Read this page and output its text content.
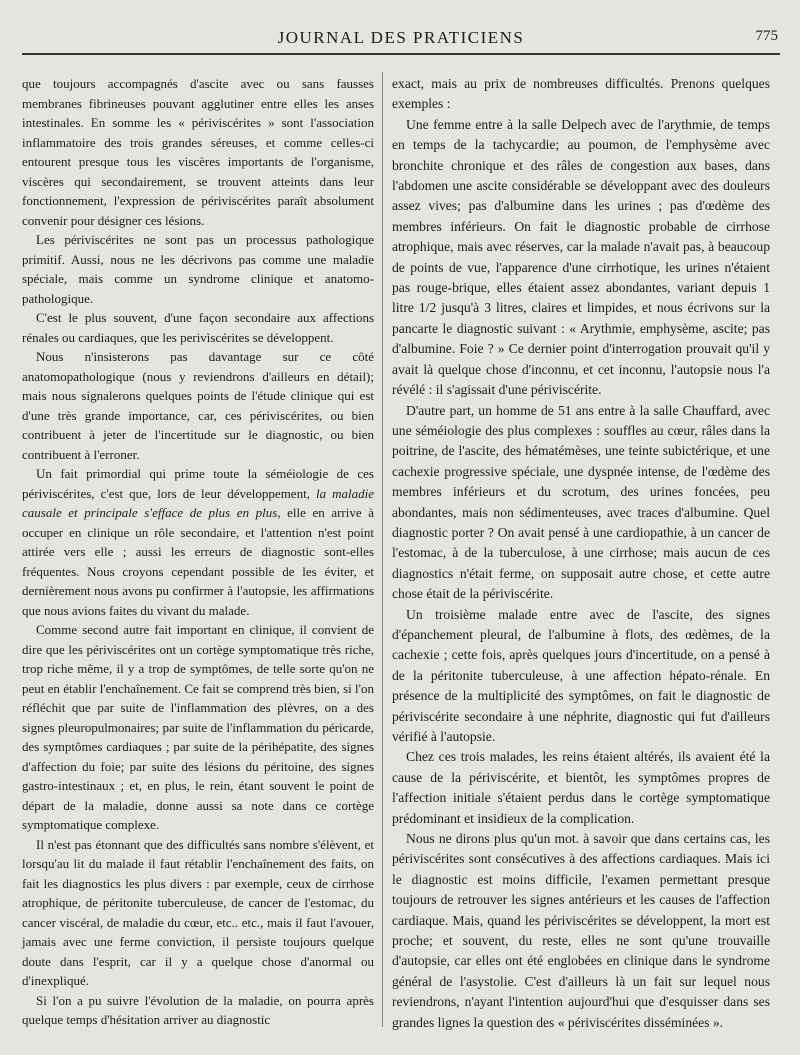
JOURNAL DES PRATICIENS	775

que toujours accompagnés d'ascite avec ou sans fausses membranes fibrineuses pouvant agglutiner entre elles les anses intestinales. En somme les « périviscérites » sont l'association inflammatoire des trois grandes séreuses, et comme celles-ci entourent presque tous les viscères importants de l'organisme, viscères qui secondairement, se trouvent atteints dans leur fonctionnement, l'expression de périviscérites paraît absolument convenir pour désigner ces lésions.

Les périviscérites ne sont pas un processus pathologique primitif. Aussi, nous ne les décrivons pas comme une maladie spéciale, mais comme un syndrome clinique et anatomo-pathologique.

C'est le plus souvent, d'une façon secondaire aux affections rénales ou cardiaques, que les perivìscérites se développent.

Nous n'insisterons pas davantage sur ce côté anatomopathologique (nous y reviendrons d'ailleurs en détail); mais nous signalerons quelques points de l'étude clinique qui est d'une très grande importance, car, ces périviscérites, ou bien contribuent à jeter de l'incertitude sur le diagnostic, ou bien contribuent à l'erroner.

Un fait primordial qui prime toute la séméiologie de ces périviscérites, c'est que, lors de leur développement, la maladie causale et principale s'efface de plus en plus, elle en arrive à occuper en clinique un rôle secondaire, et l'attention n'est point attirée vers elle ; aussi les erreurs de diagnostic sont-elles fréquentes. Nous croyons cependant possible de les éviter, et dernièrement nous avons pu confirmer à l'autopsie, les affirmations que nous avions faites du vivant du malade.

Comme second autre fait important en clinique, il convient de dire que les périviscérites ont un cortège symptomatique très riche, trop riche même, il y a trop de symptômes, de telle sorte qu'on ne peut en établir l'enchaînement. Ce fait se comprend très bien, si l'on réfléchit que par suite de l'inflammation des plèvres, on a des signes pleuropulmonaires; par suite de l'inflammation du péricarde, des symptômes cardiaques ; par suite de la périhépatite, des signes d'affection du foie; par suite des lésions du péritoine, des signes gastro-intestinaux ; et, en plus, le rein, étant souvent le point de départ de la maladie, donne aussi sa note dans ce cortège symptomatique complexe.

Il n'est pas étonnant que des difficultés sans nombre s'élèvent, et lorsqu'au lit du malade il faut rétablir l'enchaînement des faits, on fait les diagnostics les plus divers : par exemple, ceux de cirrhose atrophique, de péritonite tuberculeuse, de cancer de l'estomac, du cancer viscéral, de maladie du cœur, etc.. etc., mais il faut l'avouer, jamais avec une ferme conviction, il persiste toujours quelque doute dans l'esprit, car il y a quelque chose d'anormal ou d'inexpliqué.

Si l'on a pu suivre l'évolution de la maladie, on pourra après quelque temps d'hésitation arriver au diagnostic

exact, mais au prix de nombreuses difficultés. Prenons quelques exemples :

Une femme entre à la salle Delpech avec de l'arythmie, de temps en temps de la tachycardie; au poumon, de l'emphysème avec bronchite chronique et des râles de congestion aux bases, dans l'abdomen une ascite considérable se développant avec des douleurs assez vives; pas d'albumine dans les urines ; pas d'œdème des membres inférieurs. On fait le diagnostic probable de cirrhose atrophique, mais avec réserves, car la malade n'avait pas, à beaucoup de points de vue, l'apparence d'une cirrhotique, les urines n'étaient pas rouge-brique, elles étaient assez abondantes, variant depuis 1 litre 1/2 jusqu'à 3 litres, claires et limpides, et nous écrivons sur la pancarte le diagnostic suivant : « Arythmie, emphysème, ascite; pas d'albumine. Foie ? » Ce dernier point d'interrogation prouvait qu'il y avait là quelque chose d'inconnu, et cet inconnu, l'autopsie nous l'a révélé : il s'agissait d'une périviscérite.

D'autre part, un homme de 51 ans entre à la salle Chauffard, avec une séméiologie des plus complexes : souffles au cœur, râles dans la poitrine, de l'ascite, des hématémèses, une teinte subictérique, et une cachexie progressive spéciale, une dyspnée intense, de l'œdème des membres inférieurs et du scrotum, des urines foncées, peu abondantes, mais non sédimenteuses, avec traces d'albumine. Quel diagnostic porter ? On avait pensé à une cardiopathie, à un cancer de l'estomac, à de la tuberculose, à une cirrhose; mais aucun de ces diagnostics n'était ferme, on supposait autre chose, et cette autre chose était de la périviscérite.

Un troisième malade entre avec de l'ascite, des signes d'épanchement pleural, de l'albumine à flots, des œdèmes, de la cachexie ; cette fois, après quelques jours d'incertitude, on a pensé à de la péritonite tuberculeuse, à une affection hépato-rénale. En présence de la multiplicité des symptômes, on fait le diagnostic de périviscérite secondaire à une néphrite, diagnostic qui fut d'ailleurs vérifié à l'autopsie.

Chez ces trois malades, les reins étaient altérés, ils avaient été la cause de la périviscérite, et bientôt, les symptômes propres de l'affection initiale s'étaient perdus dans le cortège symptomatique prédominant et insidieux de la complication.

Nous ne dirons plus qu'un mot. à savoir que dans certains cas, les périviscérites sont consécutives à des affections cardiaques. Mais ici le diagnostic est moins difficile, l'examen permettant presque toujours de retrouver les signes antérieurs et les causes de l'affection cardiaque. Mais, quand les périviscérites se développent, la mort est proche; et souvent, du reste, elles ne sont qu'une trouvaille d'autopsie, car elles ont été englobées en clinique dans le syndrome général de l'asystolie. C'est d'ailleurs là un fait sur lequel nous reviendrons, n'ayant l'intention aujourd'hui que d'esquisser dans ses grandes lignes la question des « périviscérites disséminées ».
